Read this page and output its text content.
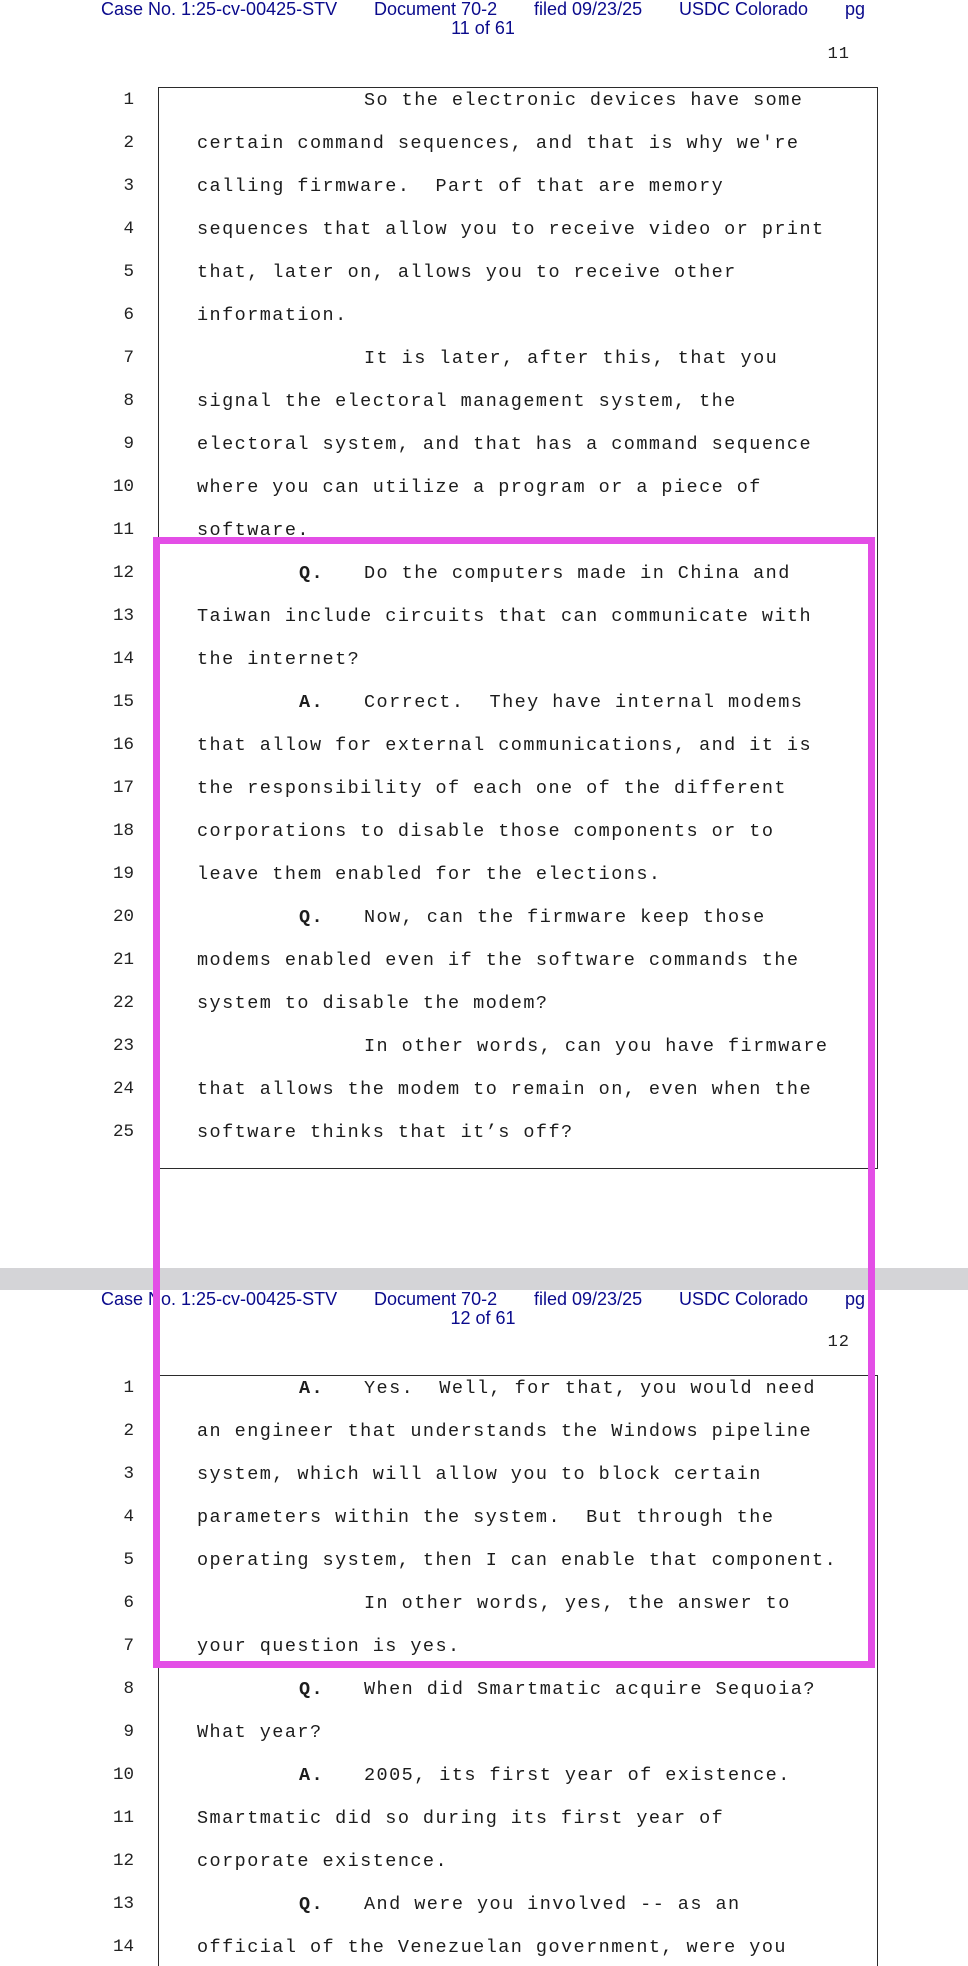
Case No. 1:25-cv-00425-STV Document 70-2 filed 09/23/25 USDC Colorado pg
11 of 61
11
1	So the electronic devices have some
2	certain command sequences, and that is why we're
3	calling firmware.  Part of that are memory
4	sequences that allow you to receive video or print
5	that, later on, allows you to receive other
6	information.
7	It is later, after this, that you
8	signal the electoral management system, the
9	electoral system, and that has a command sequence
10	where you can utilize a program or a piece of
11	software.
12	Q. Do the computers made in China and
13	Taiwan include circuits that can communicate with
14	the internet?
15	A. Correct.  They have internal modems
16	that allow for external communications, and it is
17	the responsibility of each one of the different
18	corporations to disable those components or to
19	leave them enabled for the elections.
20	Q. Now, can the firmware keep those
21	modems enabled even if the software commands the
22	system to disable the modem?
23	In other words, can you have firmware
24	that allows the modem to remain on, even when the
25	software thinks that it’s off?
Case No. 1:25-cv-00425-STV Document 70-2 filed 09/23/25 USDC Colorado pg
12 of 61
12
1	A. Yes.  Well, for that, you would need
2	an engineer that understands the Windows pipeline
3	system, which will allow you to block certain
4	parameters within the system.  But through the
5	operating system, then I can enable that component.
6	In other words, yes, the answer to
7	your question is yes.
8	Q. When did Smartmatic acquire Sequoia?
9	What year?
10	A. 2005, its first year of existence.
11	Smartmatic did so during its first year of
12	corporate existence.
13	Q. And were you involved -- as an
14	official of the Venezuelan government, were you
